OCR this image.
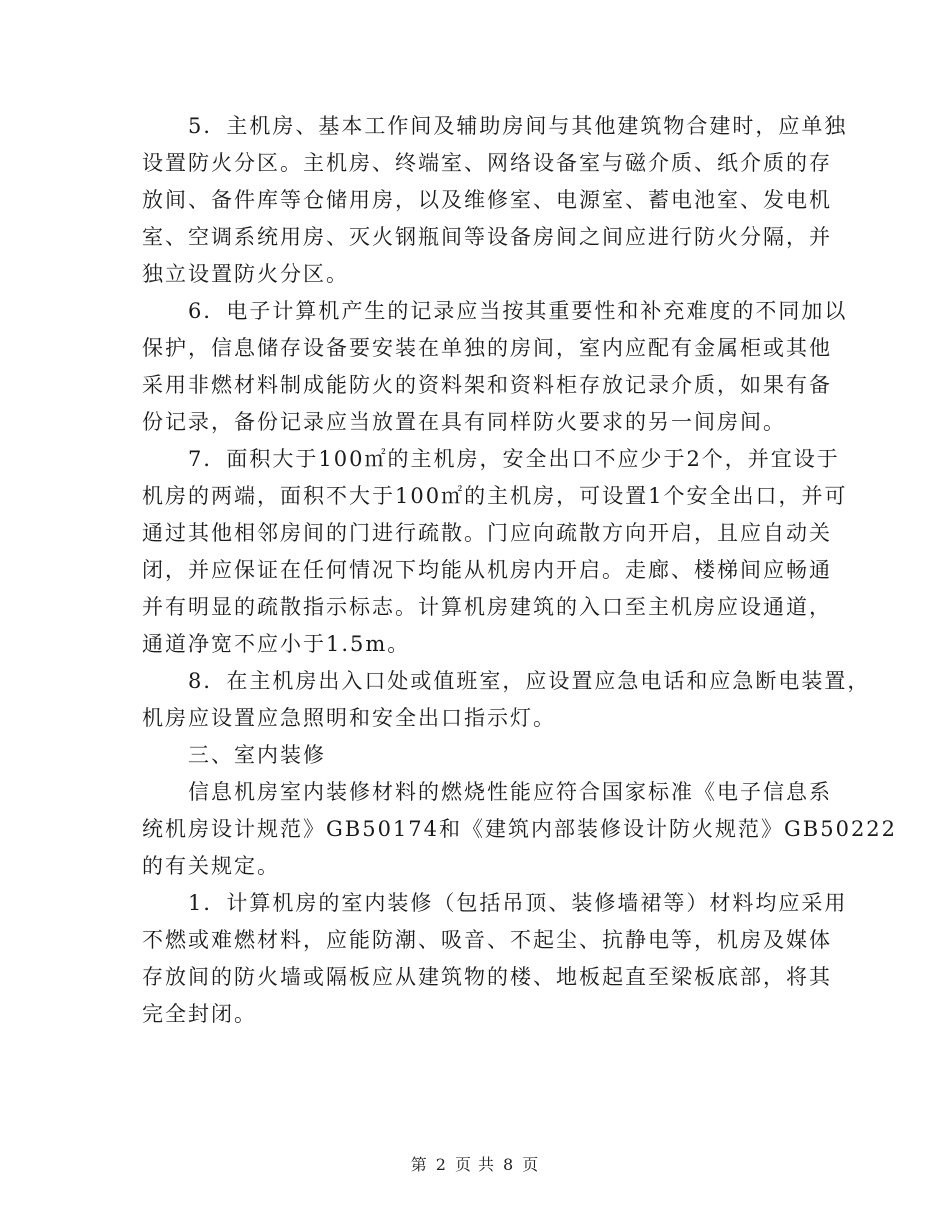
5．主机房、基本工作间及辅助房间与其他建筑物合建时，应单独
设置防火分区。主机房、终端室、网络设备室与磁介质、纸介质的存
放间、备件库等仓储用房，以及维修室、电源室、蓄电池室、发电机
室、空调系统用房、灭火钢瓶间等设备房间之间应进行防火分隔，并
独立设置防火分区。
6．电子计算机产生的记录应当按其重要性和补充难度的不同加以
保护，信息储存设备要安装在单独的房间，室内应配有金属柜或其他
采用非燃材料制成能防火的资料架和资料柜存放记录介质，如果有备
份记录，备份记录应当放置在具有同样防火要求的另一间房间。
7．面积大于100㎡的主机房，安全出口不应少于2个，并宜设于
机房的两端，面积不大于100㎡的主机房，可设置1个安全出口，并可
通过其他相邻房间的门进行疏散。门应向疏散方向开启，且应自动关
闭，并应保证在任何情况下均能从机房内开启。走廊、楼梯间应畅通
并有明显的疏散指示标志。计算机房建筑的入口至主机房应设通道，
通道净宽不应小于1.5m。
8．在主机房出入口处或值班室，应设置应急电话和应急断电装置，
机房应设置应急照明和安全出口指示灯。
三、室内装修
信息机房室内装修材料的燃烧性能应符合国家标准《电子信息系
统机房设计规范》GB50174和《建筑内部装修设计防火规范》GB50222
的有关规定。
1．计算机房的室内装修（包括吊顶、装修墙裙等）材料均应采用
不燃或难燃材料，应能防潮、吸音、不起尘、抗静电等，机房及媒体
存放间的防火墙或隔板应从建筑物的楼、地板起直至梁板底部，将其
完全封闭。
第 2 页 共 8 页
